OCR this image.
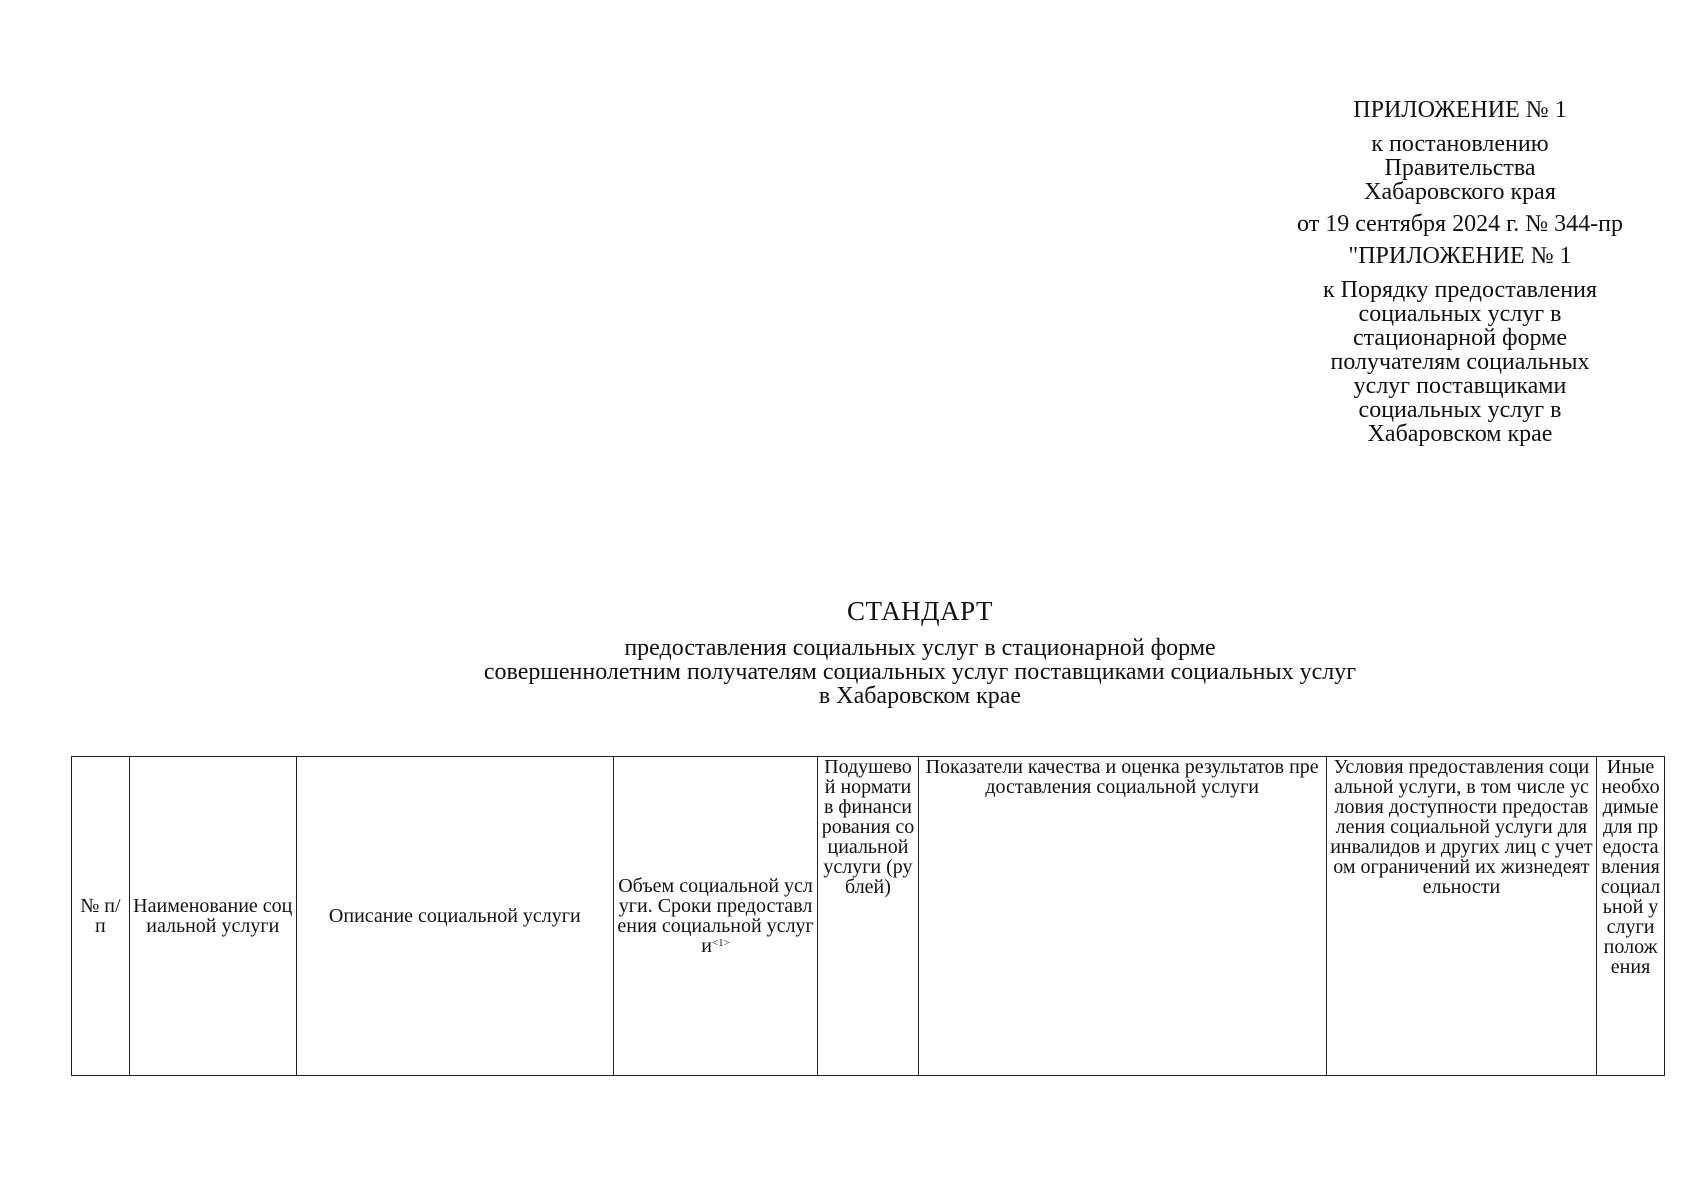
ПРИЛОЖЕНИЕ № 1
к постановлению
Правительства
Хабаровского края
от 19 сентября 2024 г. № 344-пр
"ПРИЛОЖЕНИЕ № 1
к Порядку предоставления
социальных услуг в
стационарной форме
получателям социальных
услуг поставщиками
социальных услуг в
Хабаровском крае
СТАНДАРТ
предоставления социальных услуг в стационарной форме
совершеннолетним получателям социальных услуг поставщиками социальных услуг
в Хабаровском крае
№ п/п	Наименование социальной услуги	Описание социальной услуги	Объем социальной услуги. Сроки предоставления социальной услуги$^{<1>}$	Подушевой норматив финансирования социальной услуги (рублей)	Показатели качества и оценка результатов предоставления социальной услуги	Условия предоставления социальной услуги, в том числе условия доступности предоставления социальной услуги для инвалидов и других лиц с учетом ограничений их жизнедеятельности	Иные необходимые для предоставления социальной услуги положения
